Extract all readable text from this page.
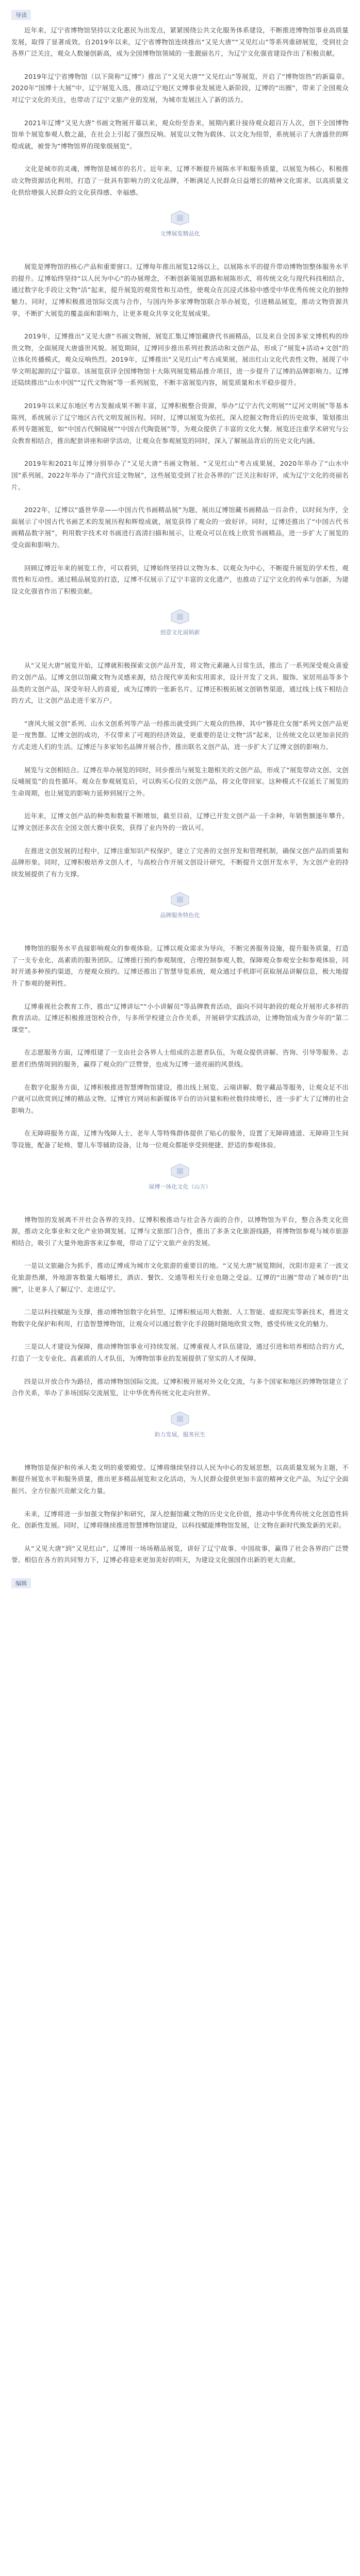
导读

近年来，辽宁省博物馆坚持以文化惠民为出发点，紧紧围绕公共文化服务体系建设，不断推进博物馆事业高质量发展，取得了显著成效。自2019年以来，辽宁省博物馆连续推出“又见大唐”“又见红山”等系列重磅展览，受到社会各界广泛关注，观众人数屡创新高，成为全国博物馆领域的一张靓丽名片，为辽宁文化强省建设作出了积极贡献。

2019年辽宁省博物馆（以下简称“辽博”）推出了“又见大唐”“又见红山”等展览，开启了“博物馆热”的新篇章。2020年“国博十大展”中，辽宁展览入选，推动辽宁地区文博事业发展进入新阶段，辽博的“出圈”，带来了全国观众对辽宁文化的关注，也带动了辽宁文旅产业的发展，为城市发展注入了新的活力。

2021年辽博“又见大唐”书画文物展开幕以来，观众纷至沓来，展期内累计接待观众超百万人次，创下全国博物馆单个展览参观人数之最，在社会上引起了强烈反响。展览以文物为载体、以文化为纽带，系统展示了大唐盛世的辉煌成就，被誉为“博物馆界的现象级展览”。

文化是城市的灵魂，博物馆是城市的名片。近年来，辽博不断提升展陈水平和服务质量，以展览为核心，积极推动文物资源活化利用，打造了一批具有影响力的文化品牌，不断满足人民群众日益增长的精神文化需求，以高质量文化供给增强人民群众的文化获得感、幸福感。

文博展览精品化

展览是博物馆的核心产品和重要窗口。辽博每年推出展览12场以上，以展陈水平的提升带动博物馆整体服务水平的提升。辽博始终坚持“以人民为中心”的办展理念，不断创新策展思路和展陈形式，将传统文化与现代科技相结合，通过数字化手段让文物“活”起来，提升展览的观赏性和互动性，使观众在沉浸式体验中感受中华优秀传统文化的独特魅力。同时，辽博积极推进馆际交流与合作，与国内外多家博物馆联合举办展览，引进精品展览，推动文物资源共享，不断扩大展览的覆盖面和影响力，让更多观众共享文化发展成果。

2019年，辽博推出“又见大唐”书画文物展，展览汇集辽博馆藏唐代书画精品，以及来自全国多家文博机构的珍贵文物，全面展现大唐盛世风貌。展览期间，辽博同步推出系列社教活动和文创产品，形成了“展览+活动+文创”的立体化传播模式，观众反响热烈。2019年，辽博推出“又见红山”考古成果展，展出红山文化代表性文物，展现了中华文明起源的辽宁篇章。该展览获评全国博物馆十大陈列展览精品推介项目，进一步提升了辽博的品牌影响力。辽博还陆续推出“山水中国”“辽代文物展”等一系列展览，不断丰富展览内容，展览质量和水平稳步提升。

2019年以来辽东地区考古发掘成果不断丰富，辽博积极整合资源，举办“辽宁古代文明展”“辽河文明展”等基本陈列，系统展示了辽宁地区古代文明发展历程。同时，辽博以展览为依托，深入挖掘文物背后的历史故事，策划推出系列专题展览，如“中国古代铜镜展”“中国古代陶瓷展”等，为观众提供了丰富的文化大餐。展览还注重学术研究与公众教育相结合，推出配套讲座和研学活动，让观众在参观展览的同时，深入了解展品背后的历史文化内涵。

2019年和2021年辽博分别举办了“又见大唐”书画文物展、“又见红山”考古成果展，2020年举办了“山水中国”系列展、2022年举办了“清代宫廷文物展”，这些展览受到了社会各界的广泛关注和好评，成为辽宁文化的亮丽名片。

2022年，辽博以“盛世华章——中国古代书画精品展”为题，展出辽博馆藏书画精品一百余件，以时间为序，全面展示了中国古代书画艺术的发展历程和辉煌成就，展览获得了观众的一致好评。同时，辽博还推出了“中国古代书画精品数字展”，利用数字技术对书画进行高清扫描和展示，让观众可以在线上欣赏书画精品，进一步扩大了展览的受众面和影响力。

回顾辽博近年来的展览工作，可以看到，辽博始终坚持以文物为本、以观众为中心，不断提升展览的学术性、观赏性和互动性。通过精品展览的打造，辽博不仅展示了辽宁丰富的文化遗产，也推动了辽宁文化的传承与创新，为建设文化强省作出了积极贡献。

创意文化展销新

从“又见大唐”展览开始，辽博就积极探索文创产品开发，将文物元素融入日常生活，推出了一系列深受观众喜爱的文创产品。辽博文创以馆藏文物为灵感来源，结合现代审美和实用需求，设计开发了文具、服饰、家居用品等多个品类的文创产品，深受年轻人的喜爱，成为辽博的一张新名片。辽博还积极拓展文创销售渠道，通过线上线下相结合的方式，让文创产品走进千家万户。

“唐风大展文创”系列、山水文创系列等产品一经推出就受到广大观众的热捧，其中“簪花仕女图”系列文创产品更是一度售罄。辽博文创的成功，不仅带来了可观的经济效益，更重要的是让文物“活”起来，让传统文化以更加亲民的方式走进人们的生活。辽博还与多家知名品牌开展合作，推出联名文创产品，进一步扩大了辽博文创的影响力。

展览与文创相结合。辽博在举办展览的同时，同步推出与展览主题相关的文创产品，形成了“展览带动文创、文创反哺展览”的良性循环。观众在参观展览后，可以购买心仪的文创产品，将文化带回家。这种模式不仅延长了展览的生命周期，也让展览的影响力延伸到展厅之外。

近年来，辽博文创产品的种类和数量不断增加，截至目前，辽博已开发文创产品一千余种，年销售额逐年攀升。辽博文创还多次在全国文创大赛中获奖，获得了业内外的一致认可。

在推进文创发展的过程中，辽博注重知识产权保护，建立了完善的文创开发和管理机制，确保文创产品的质量和品牌形象。同时，辽博积极培养文创人才，与高校合作开展文创设计研究，不断提升文创开发水平，为文创产业的持续发展提供了有力支撑。

品牌服务特色化

博物馆的服务水平直接影响观众的参观体验。辽博以观众需求为导向，不断完善服务设施，提升服务质量，打造了一支专业化、高素质的服务团队。辽博推行预约参观制度，合理控制参观人数，保障观众参观安全和参观体验，同时开通多种预约渠道，方便观众预约。辽博还推出了智慧导览系统，观众通过手机即可获取展品讲解信息，极大地提升了参观的便利性。

辽博重视社会教育工作，推出“辽博讲坛”“小小讲解员”等品牌教育活动，面向不同年龄段的观众开展形式多样的教育活动。辽博还积极推进馆校合作，与多所学校建立合作关系，开展研学实践活动，让博物馆成为青少年的“第二课堂”。

在志愿服务方面，辽博组建了一支由社会各界人士组成的志愿者队伍，为观众提供讲解、咨询、引导等服务。志愿者们热情周到的服务，赢得了观众的广泛赞誉，也成为辽博一道亮丽的风景线。

在数字化服务方面，辽博积极推进智慧博物馆建设，推出线上展览、云端讲解、数字藏品等服务，让观众足不出户就可以欣赏到辽博的精品文物。辽博官方网站和新媒体平台的访问量和粉丝数持续增长，进一步扩大了辽博的社会影响力。

在无障碍服务方面，辽博为残障人士、老年人等特殊群体提供了贴心的服务，设置了无障碍通道、无障碍卫生间等设施，配备了轮椅、婴儿车等辅助设备，让每一位观众都能享受到便捷、舒适的参观体验。

展博一体化文化（山万）

博物馆的发展离不开社会各界的支持。辽博积极推动与社会各方面的合作，以博物馆为平台，整合各类文化资源，推动文化事业和文化产业协调发展。辽博与文旅部门合作，推出了多条文化旅游线路，将博物馆参观与城市旅游相结合，吸引了大量外地游客来辽参观，带动了辽宁文旅产业的发展。

一是以文旅融合为抓手，推动辽博成为城市文化旅游的重要目的地。“又见大唐”展览期间，沈阳市迎来了一波文化旅游热潮，外地游客数量大幅增长，酒店、餐饮、交通等相关行业也随之受益。辽博的“出圈”带动了城市的“出圈”，让更多人了解辽宁、走进辽宁。

二是以科技赋能为支撑，推动博物馆数字化转型。辽博积极运用大数据、人工智能、虚拟现实等新技术，推进文物数字化保护和利用，打造智慧博物馆，让观众可以通过数字化手段随时随地欣赏文物，感受传统文化的魅力。

三是以人才建设为保障，推动博物馆事业可持续发展。辽博重视人才队伍建设，通过引进和培养相结合的方式，打造了一支专业化、高素质的人才队伍，为博物馆事业的发展提供了坚实的人才保障。

四是以开放合作为路径，推动博物馆国际交流。辽博积极开展对外文化交流，与多个国家和地区的博物馆建立了合作关系，举办了多场国际交流展览，让中华优秀传统文化走向世界。

助力发展，服务民生

博物馆是保护和传承人类文明的重要殿堂。辽博将继续坚持以人民为中心的发展思想，以高质量发展为主题，不断提升展览水平和服务质量，推出更多精品展览和文化活动，为人民群众提供更加丰富的精神文化产品，为辽宁全面振兴、全方位振兴贡献文化力量。

未来，辽博将进一步加强文物保护和研究，深入挖掘馆藏文物的历史文化价值，推动中华优秀传统文化创造性转化、创新性发展。同时，辽博将继续推进智慧博物馆建设，以科技赋能博物馆发展，让文物在新时代焕发新的光彩。

从“又见大唐”到“又见红山”，辽博用一场场精品展览，讲好了辽宁故事、中国故事，赢得了社会各界的广泛赞誉。相信在各方的共同努力下，辽博必将迎来更加美好的明天，为建设文化强国作出新的更大贡献。

编辑
